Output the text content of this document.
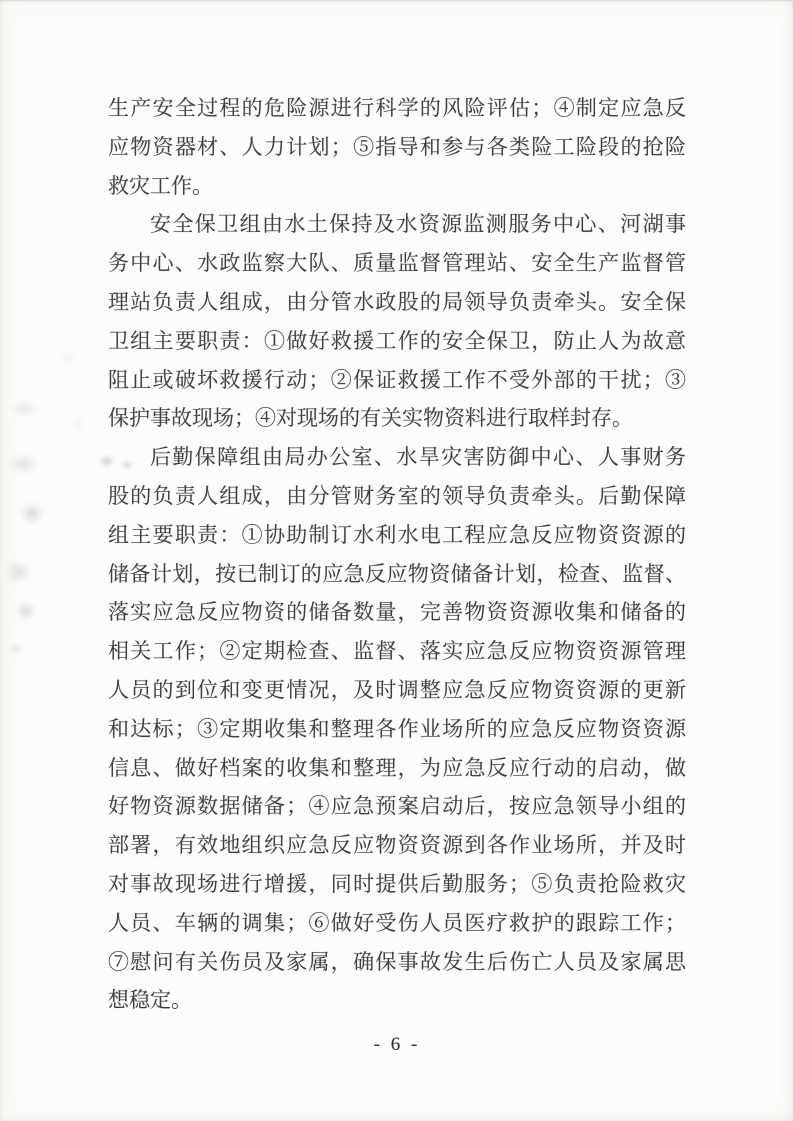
生产安全过程的危险源进行科学的风险评估；④制定应急反
应物资器材、人力计划；⑤指导和参与各类险工险段的抢险
救灾工作。
安全保卫组由水土保持及水资源监测服务中心、河湖事
务中心、水政监察大队、质量监督管理站、安全生产监督管
理站负责人组成，由分管水政股的局领导负责牵头。安全保
卫组主要职责：①做好救援工作的安全保卫，防止人为故意
阻止或破坏救援行动；②保证救援工作不受外部的干扰；③
保护事故现场；④对现场的有关实物资料进行取样封存。
后勤保障组由局办公室、水旱灾害防御中心、人事财务
股的负责人组成，由分管财务室的领导负责牵头。后勤保障
组主要职责：①协助制订水利水电工程应急反应物资资源的
储备计划，按已制订的应急反应物资储备计划，检查、监督、
落实应急反应物资的储备数量，完善物资资源收集和储备的
相关工作；②定期检查、监督、落实应急反应物资资源管理
人员的到位和变更情况，及时调整应急反应物资资源的更新
和达标；③定期收集和整理各作业场所的应急反应物资资源
信息、做好档案的收集和整理，为应急反应行动的启动，做
好物资源数据储备；④应急预案启动后，按应急领导小组的
部署，有效地组织应急反应物资资源到各作业场所，并及时
对事故现场进行增援，同时提供后勤服务；⑤负责抢险救灾
人员、车辆的调集；⑥做好受伤人员医疗救护的跟踪工作；
⑦慰问有关伤员及家属，确保事故发生后伤亡人员及家属思
想稳定。
- 6 -
